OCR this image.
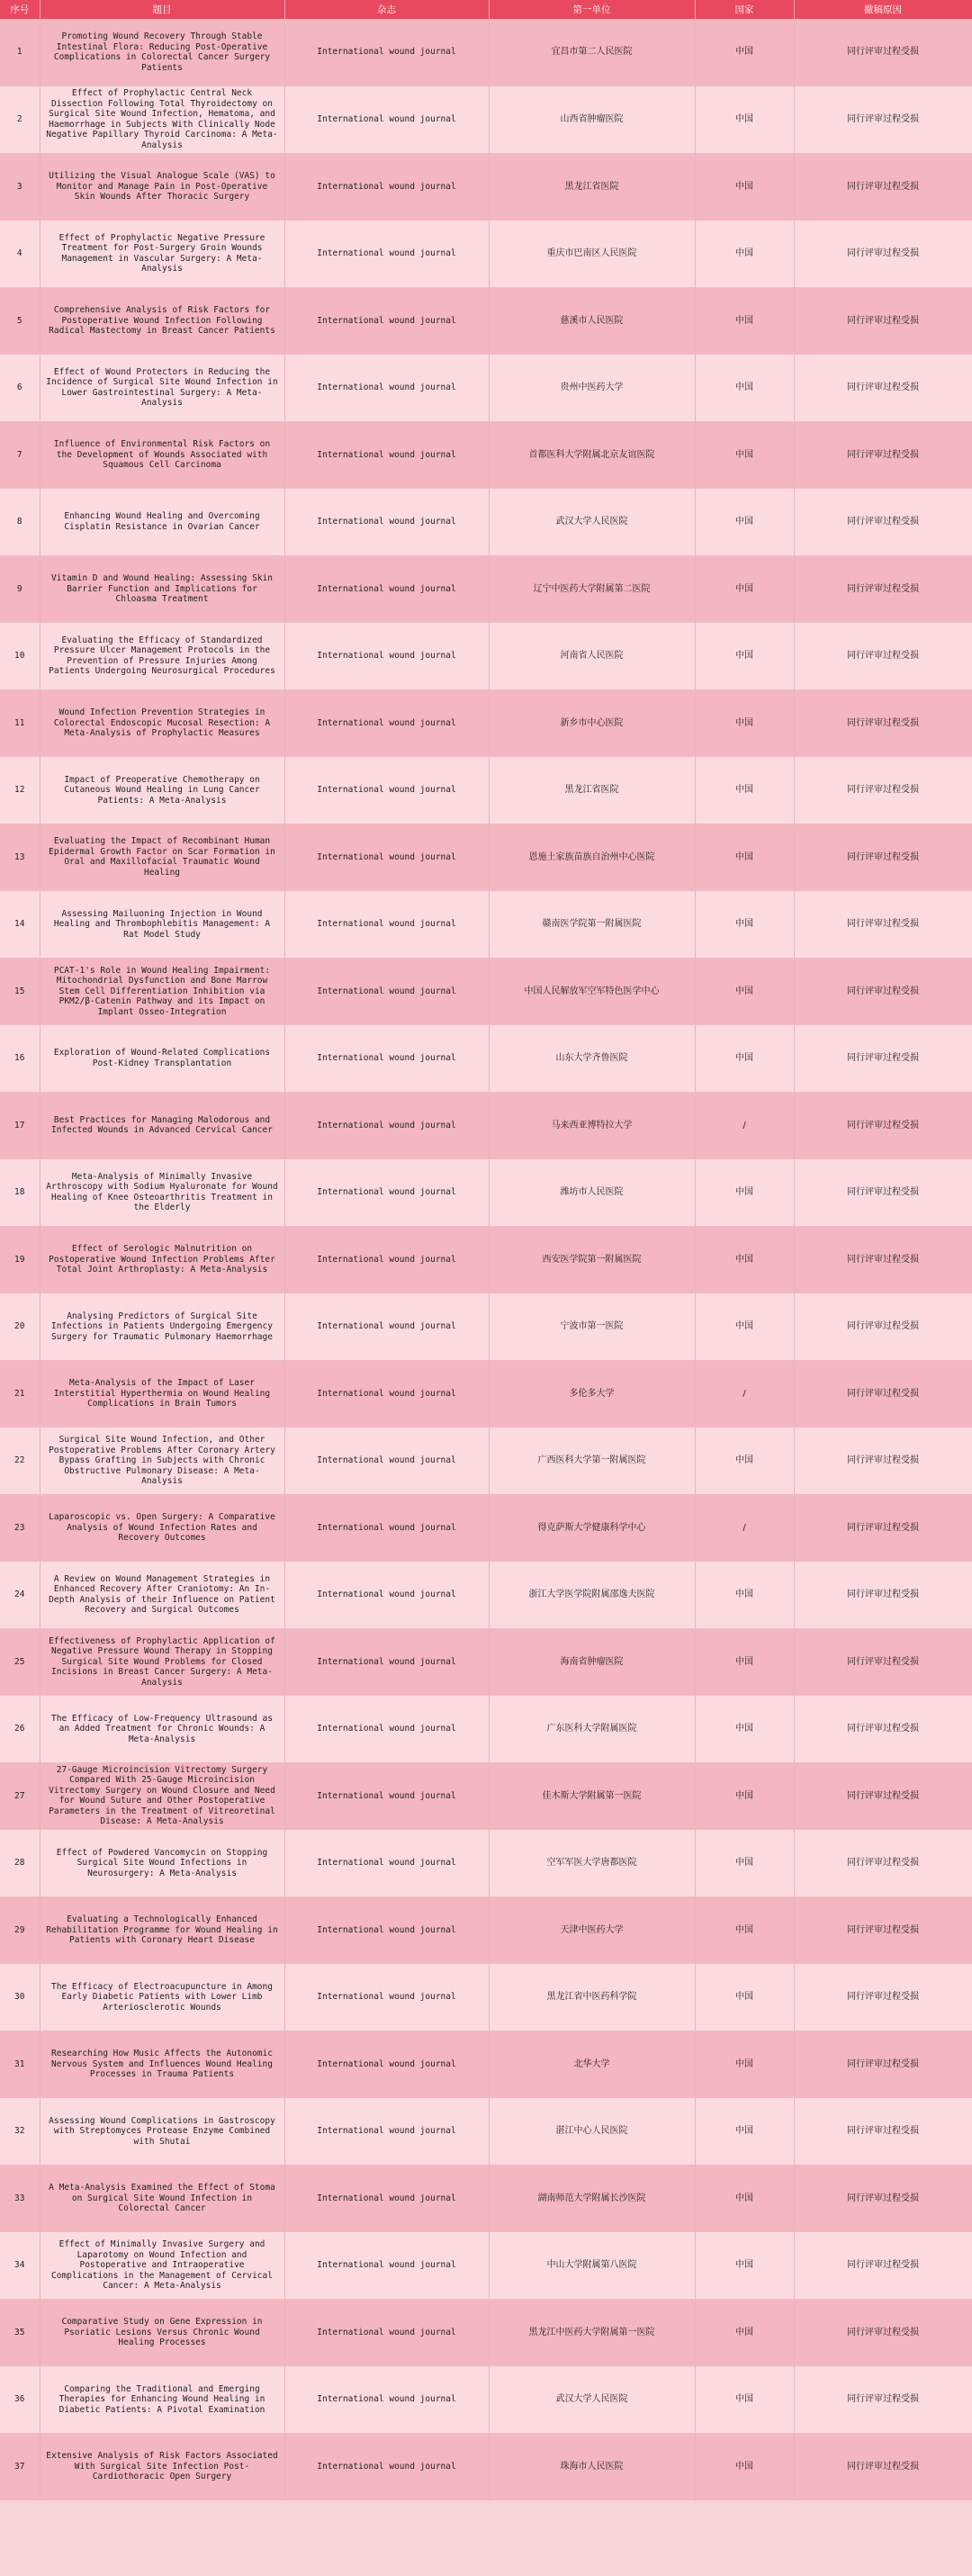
序号	题目	杂志	第一单位	国家	撤稿原因
1	Promoting Wound Recovery Through Stable Intestinal Flora: Reducing Post-Operative Complications in Colorectal Cancer Surgery Patients	International wound journal	宜昌市第二人民医院	中国	同行评审过程受损
2	Effect of Prophylactic Central Neck Dissection Following Total Thyroidectomy on Surgical Site Wound Infection, Hematoma, and Haemorrhage in Subjects With Clinically Node Negative Papillary Thyroid Carcinoma: A Meta-Analysis	International wound journal	山西省肿瘤医院	中国	同行评审过程受损
3	Utilizing the Visual Analogue Scale (VAS) to Monitor and Manage Pain in Post-Operative Skin Wounds After Thoracic Surgery	International wound journal	黑龙江省医院	中国	同行评审过程受损
4	Effect of Prophylactic Negative Pressure Treatment for Post-Surgery Groin Wounds Management in Vascular Surgery: A Meta-Analysis	International wound journal	重庆市巴南区人民医院	中国	同行评审过程受损
5	Comprehensive Analysis of Risk Factors for Postoperative Wound Infection Following Radical Mastectomy in Breast Cancer Patients	International wound journal	慈溪市人民医院	中国	同行评审过程受损
6	Effect of Wound Protectors in Reducing the Incidence of Surgical Site Wound Infection in Lower Gastrointestinal Surgery: A Meta-Analysis	International wound journal	贵州中医药大学	中国	同行评审过程受损
7	Influence of Environmental Risk Factors on the Development of Wounds Associated with Squamous Cell Carcinoma	International wound journal	首都医科大学附属北京友谊医院	中国	同行评审过程受损
8	Enhancing Wound Healing and Overcoming Cisplatin Resistance in Ovarian Cancer	International wound journal	武汉大学人民医院	中国	同行评审过程受损
9	Vitamin D and Wound Healing: Assessing Skin Barrier Function and Implications for Chloasma Treatment	International wound journal	辽宁中医药大学附属第二医院	中国	同行评审过程受损
10	Evaluating the Efficacy of Standardized Pressure Ulcer Management Protocols in the Prevention of Pressure Injuries Among Patients Undergoing Neurosurgical Procedures	International wound journal	河南省人民医院	中国	同行评审过程受损
11	Wound Infection Prevention Strategies in Colorectal Endoscopic Mucosal Resection: A Meta-Analysis of Prophylactic Measures	International wound journal	新乡市中心医院	中国	同行评审过程受损
12	Impact of Preoperative Chemotherapy on Cutaneous Wound Healing in Lung Cancer Patients: A Meta-Analysis	International wound journal	黑龙江省医院	中国	同行评审过程受损
13	Evaluating the Impact of Recombinant Human Epidermal Growth Factor on Scar Formation in Oral and Maxillofacial Traumatic Wound Healing	International wound journal	恩施土家族苗族自治州中心医院	中国	同行评审过程受损
14	Assessing Mailuoning Injection in Wound Healing and Thrombophlebitis Management: A Rat Model Study	International wound journal	赣南医学院第一附属医院	中国	同行评审过程受损
15	PCAT-1's Role in Wound Healing Impairment: Mitochondrial Dysfunction and Bone Marrow Stem Cell Differentiation Inhibition via PKM2/β-Catenin Pathway and its Impact on Implant Osseo-Integration	International wound journal	中国人民解放军空军特色医学中心	中国	同行评审过程受损
16	Exploration of Wound-Related Complications Post-Kidney Transplantation	International wound journal	山东大学齐鲁医院	中国	同行评审过程受损
17	Best Practices for Managing Malodorous and Infected Wounds in Advanced Cervical Cancer	International wound journal	马来西亚博特拉大学	/	同行评审过程受损
18	Meta-Analysis of Minimally Invasive Arthroscopy with Sodium Hyaluronate for Wound Healing of Knee Osteoarthritis Treatment in the Elderly	International wound journal	潍坊市人民医院	中国	同行评审过程受损
19	Effect of Serologic Malnutrition on Postoperative Wound Infection Problems After Total Joint Arthroplasty: A Meta-Analysis	International wound journal	西安医学院第一附属医院	中国	同行评审过程受损
20	Analysing Predictors of Surgical Site Infections in Patients Undergoing Emergency Surgery for Traumatic Pulmonary Haemorrhage	International wound journal	宁波市第一医院	中国	同行评审过程受损
21	Meta-Analysis of the Impact of Laser Interstitial Hyperthermia on Wound Healing Complications in Brain Tumors	International wound journal	多伦多大学	/	同行评审过程受损
22	Surgical Site Wound Infection, and Other Postoperative Problems After Coronary Artery Bypass Grafting in Subjects with Chronic Obstructive Pulmonary Disease: A Meta-Analysis	International wound journal	广西医科大学第一附属医院	中国	同行评审过程受损
23	Laparoscopic vs. Open Surgery: A Comparative Analysis of Wound Infection Rates and Recovery Outcomes	International wound journal	得克萨斯大学健康科学中心	/	同行评审过程受损
24	A Review on Wound Management Strategies in Enhanced Recovery After Craniotomy: An In-Depth Analysis of their Influence on Patient Recovery and Surgical Outcomes	International wound journal	浙江大学医学院附属邵逸夫医院	中国	同行评审过程受损
25	Effectiveness of Prophylactic Application of Negative Pressure Wound Therapy in Stopping Surgical Site Wound Problems for Closed Incisions in Breast Cancer Surgery: A Meta-Analysis	International wound journal	海南省肿瘤医院	中国	同行评审过程受损
26	The Efficacy of Low-Frequency Ultrasound as an Added Treatment for Chronic Wounds: A Meta-Analysis	International wound journal	广东医科大学附属医院	中国	同行评审过程受损
27	27-Gauge Microincision Vitrectomy Surgery Compared With 25-Gauge Microincision Vitrectomy Surgery on Wound Closure and Need for Wound Suture and Other Postoperative Parameters in the Treatment of Vitreoretinal Disease: A Meta-Analysis	International wound journal	佳木斯大学附属第一医院	中国	同行评审过程受损
28	Effect of Powdered Vancomycin on Stopping Surgical Site Wound Infections in Neurosurgery: A Meta-Analysis	International wound journal	空军军医大学唐都医院	中国	同行评审过程受损
29	Evaluating a Technologically Enhanced Rehabilitation Programme for Wound Healing in Patients with Coronary Heart Disease	International wound journal	天津中医药大学	中国	同行评审过程受损
30	The Efficacy of Electroacupuncture in Among Early Diabetic Patients with Lower Limb Arteriosclerotic Wounds	International wound journal	黑龙江省中医药科学院	中国	同行评审过程受损
31	Researching How Music Affects the Autonomic Nervous System and Influences Wound Healing Processes in Trauma Patients	International wound journal	北华大学	中国	同行评审过程受损
32	Assessing Wound Complications in Gastroscopy with Streptomyces Protease Enzyme Combined with Shutai	International wound journal	湛江中心人民医院	中国	同行评审过程受损
33	A Meta-Analysis Examined the Effect of Stoma on Surgical Site Wound Infection in Colorectal Cancer	International wound journal	湖南师范大学附属长沙医院	中国	同行评审过程受损
34	Effect of Minimally Invasive Surgery and Laparotomy on Wound Infection and Postoperative and Intraoperative Complications in the Management of Cervical Cancer: A Meta-Analysis	International wound journal	中山大学附属第八医院	中国	同行评审过程受损
35	Comparative Study on Gene Expression in Psoriatic Lesions Versus Chronic Wound Healing Processes	International wound journal	黑龙江中医药大学附属第一医院	中国	同行评审过程受损
36	Comparing the Traditional and Emerging Therapies for Enhancing Wound Healing in Diabetic Patients: A Pivotal Examination	International wound journal	武汉大学人民医院	中国	同行评审过程受损
37	Extensive Analysis of Risk Factors Associated With Surgical Site Infection Post-Cardiothoracic Open Surgery	International wound journal	珠海市人民医院	中国	同行评审过程受损
